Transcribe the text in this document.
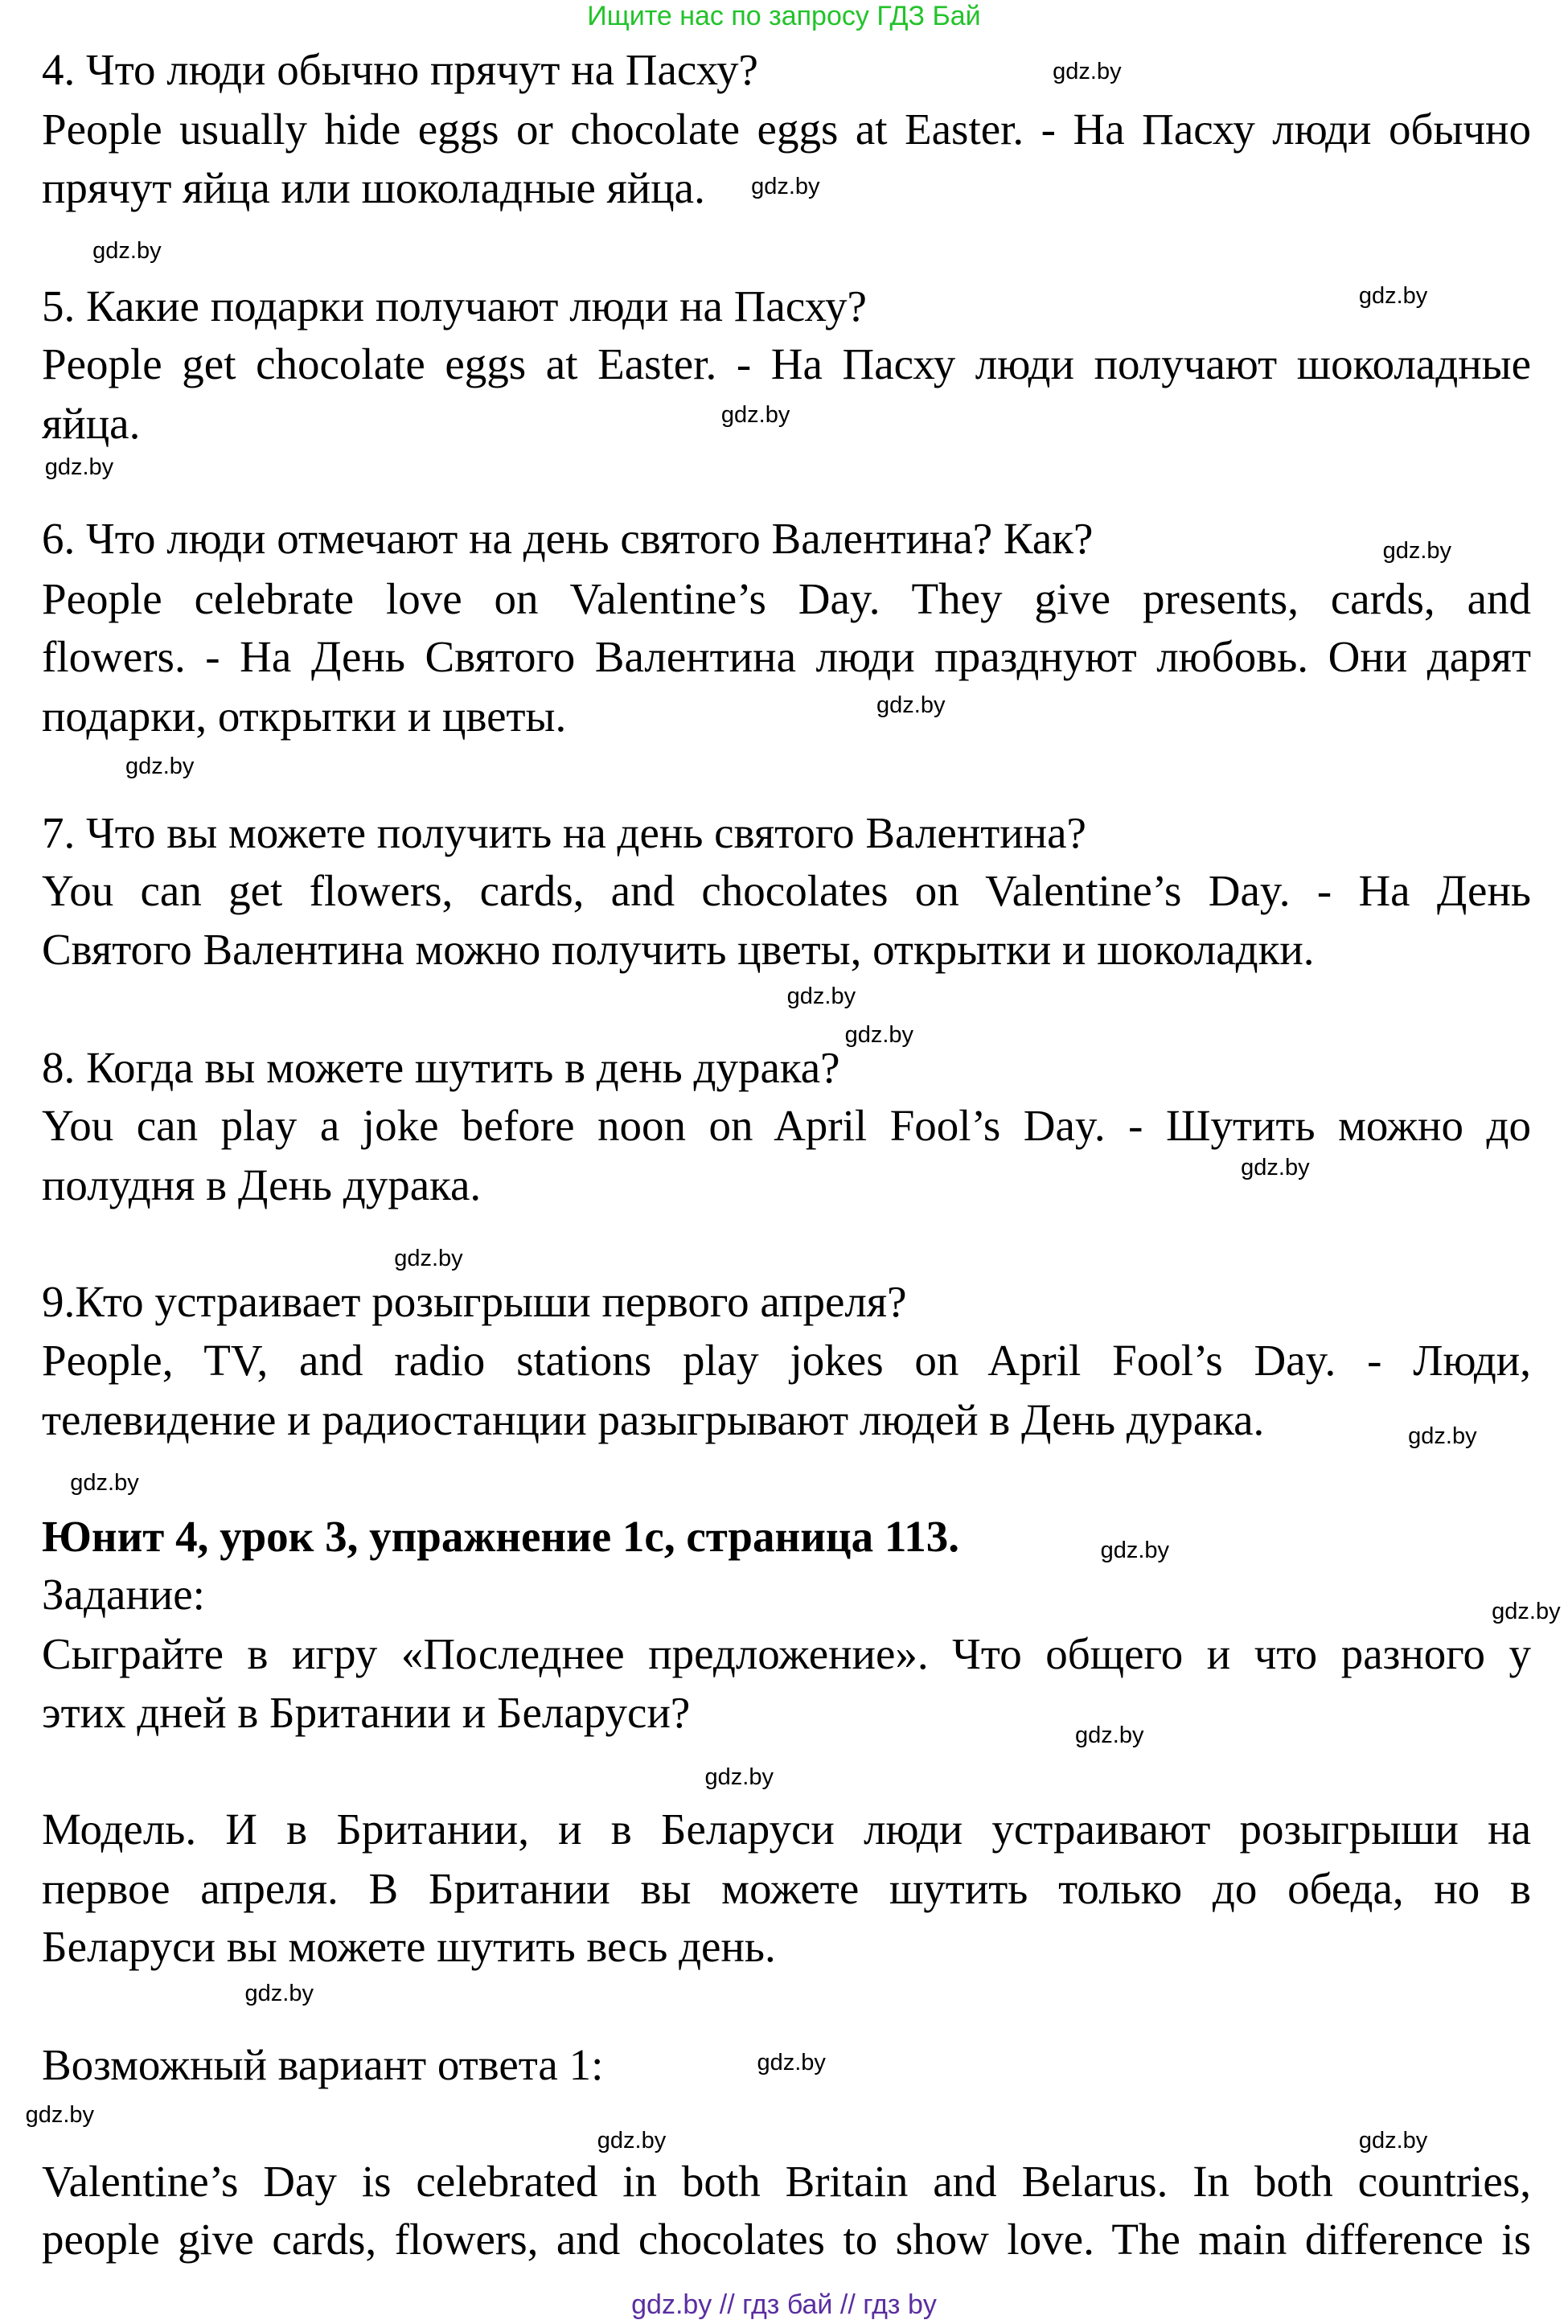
Ищите нас по запросу ГДЗ Бай
4. Что люди обычно прячут на Пасху?
People usually hide eggs or chocolate eggs at Easter. - На Пасху люди обычно
прячут яйца или шоколадные яйца.
5. Какие подарки получают люди на Пасху?
People get chocolate eggs at Easter. - На Пасху люди получают шоколадные
яйца.
6. Что люди отмечают на день святого Валентина? Как?
People celebrate love on Valentine’s Day. They give presents, cards, and
flowers. - На День Святого Валентина люди празднуют любовь. Они дарят
подарки, открытки и цветы.
7. Что вы можете получить на день святого Валентина?
You can get flowers, cards, and chocolates on Valentine’s Day. - На День
Святого Валентина можно получить цветы, открытки и шоколадки.
8. Когда вы можете шутить в день дурака?
You can play a joke before noon on April Fool’s Day. - Шутить можно до
полудня в День дурака.
9.Кто устраивает розыгрыши первого апреля?
People, TV, and radio stations play jokes on April Fool’s Day. - Люди,
телевидение и радиостанции разыгрывают людей в День дурака.
Юнит 4, урок 3, упражнение 1с, страница 113.
Задание:
Сыграйте в игру «Последнее предложение». Что общего и что разного у
этих дней в Британии и Беларуси?
Модель. И в Британии, и в Беларуси люди устраивают розыгрыши на
первое апреля. В Британии вы можете шутить только до обеда, но в
Беларуси вы можете шутить весь день.
Возможный вариант ответа 1:
Valentine’s Day is celebrated in both Britain and Belarus. In both countries,
people give cards, flowers, and chocolates to show love. The main difference is
gdz.by
gdz.by
gdz.by
gdz.by
gdz.by
gdz.by
gdz.by
gdz.by
gdz.by
gdz.by
gdz.by
gdz.by
gdz.by
gdz.by
gdz.by
gdz.by
gdz.by
gdz.by
gdz.by
gdz.by
gdz.by
gdz.by
gdz.by
gdz.by
gdz.by // гдз бай // гдз by
